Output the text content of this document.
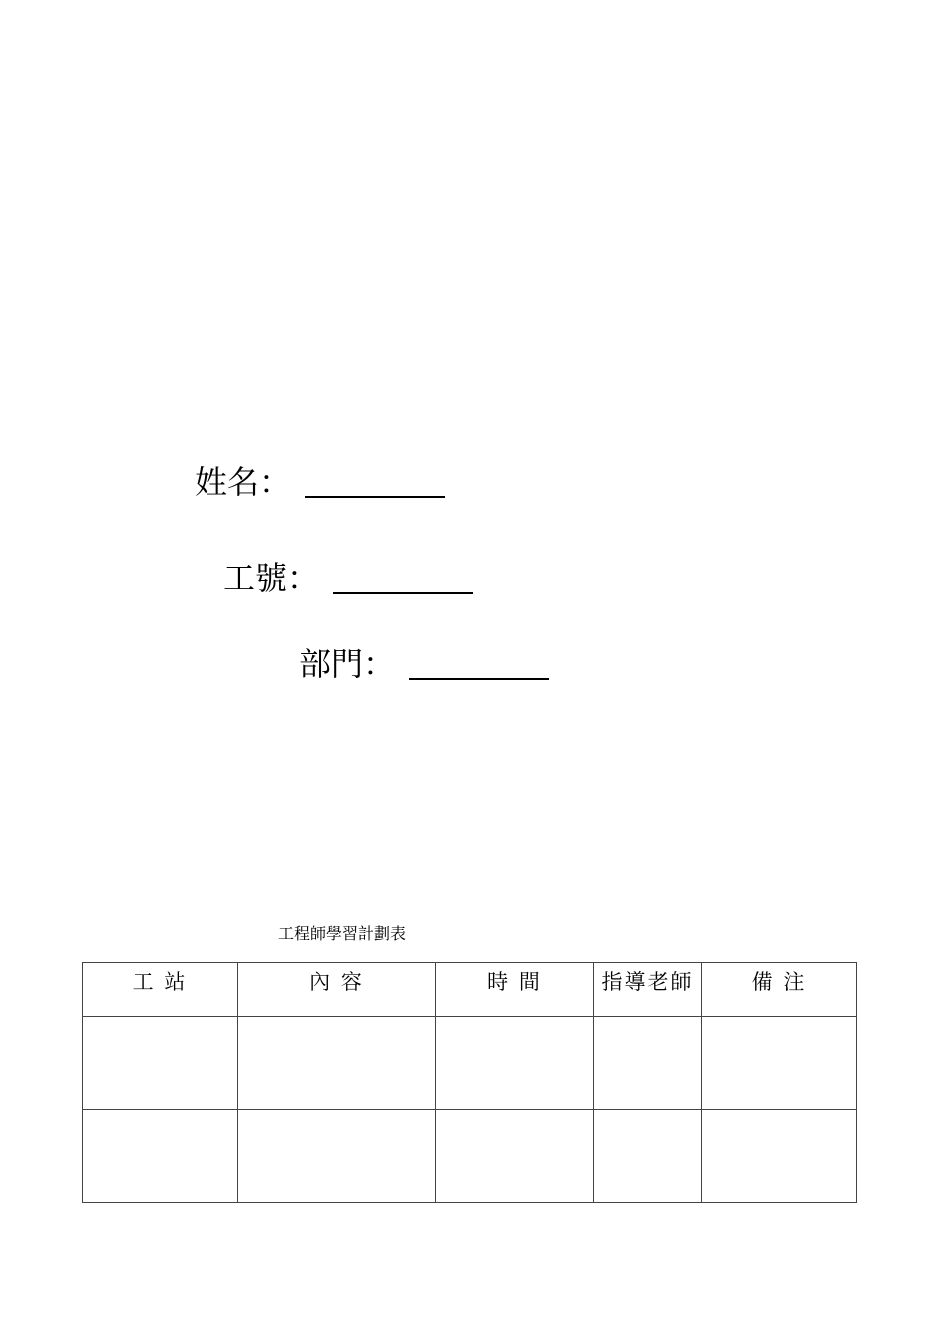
姓名：
工號：
部門：
工程師學習計劃表
工 站	內 容	時 間	指導老師	備 注
